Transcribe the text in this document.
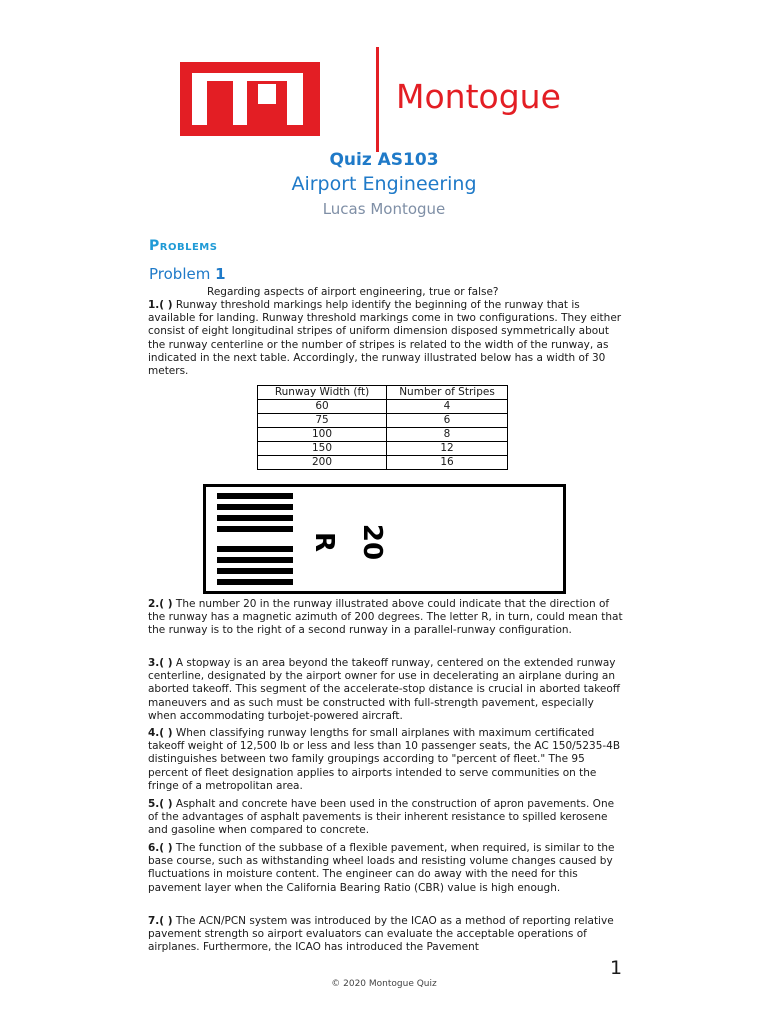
Montogue
Quiz AS103
Airport Engineering
Lucas Montogue
Problems
Problem 1
Regarding aspects of airport engineering, true or false?
1.( ) Runway threshold markings help identify the beginning of the runway that is available for landing. Runway threshold markings come in two configurations. They either consist of eight longitudinal stripes of uniform dimension disposed symmetrically about the runway centerline or the number of stripes is related to the width of the runway, as indicated in the next table. Accordingly, the runway illustrated below has a width of 30 meters.
Runway Width (ft)	Number of Stripes
60	4
75	6
100	8
150	12
200	16
20
R
2.( ) The number 20 in the runway illustrated above could indicate that the direction of the runway has a magnetic azimuth of 200 degrees. The letter R, in turn, could mean that the runway is to the right of a second runway in a parallel-runway configuration.
3.( ) A stopway is an area beyond the takeoff runway, centered on the extended runway centerline, designated by the airport owner for use in decelerating an airplane during an aborted takeoff. This segment of the accelerate-stop distance is crucial in aborted takeoff maneuvers and as such must be constructed with full-strength pavement, especially when accommodating turbojet-powered aircraft.
4.( ) When classifying runway lengths for small airplanes with maximum certificated takeoff weight of 12,500 lb or less and less than 10 passenger seats, the AC 150/5235-4B distinguishes between two family groupings according to "percent of fleet." The 95 percent of fleet designation applies to airports intended to serve communities on the fringe of a metropolitan area.
5.( ) Asphalt and concrete have been used in the construction of apron pavements. One of the advantages of asphalt pavements is their inherent resistance to spilled kerosene and gasoline when compared to concrete.
6.( ) The function of the subbase of a flexible pavement, when required, is similar to the base course, such as withstanding wheel loads and resisting volume changes caused by fluctuations in moisture content. The engineer can do away with the need for this pavement layer when the California Bearing Ratio (CBR) value is high enough.
7.( ) The ACN/PCN system was introduced by the ICAO as a method of reporting relative pavement strength so airport evaluators can evaluate the acceptable operations of airplanes. Furthermore, the ICAO has introduced the Pavement
1
© 2020 Montogue Quiz
